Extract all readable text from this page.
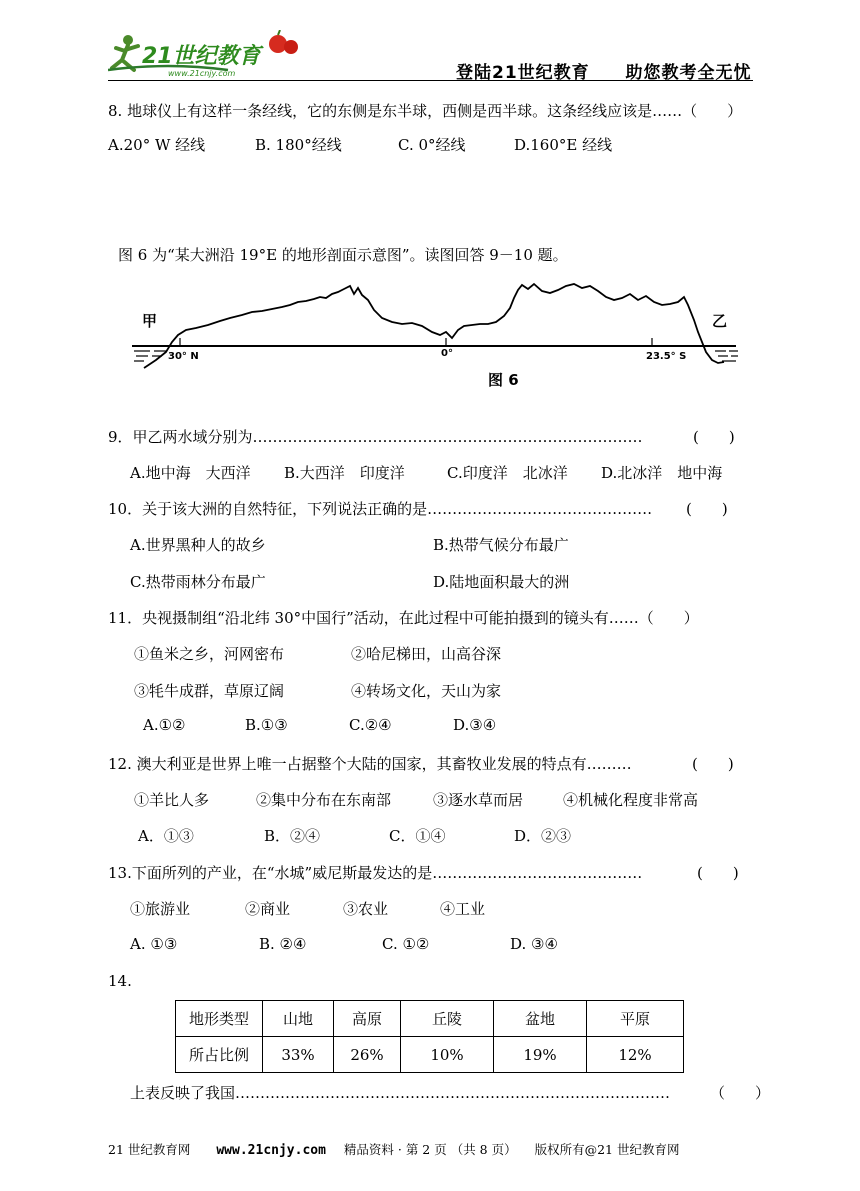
21世纪教育
www.21cnjy.com	登陆21世纪教育 助您教考全无忧
8. 地球仪上有这样一条经线，它的东侧是东半球，西侧是西半球。这条经线应该是……（　　）
A.20° W 经线	B. 180°经线	C. 0°经线	D.160°E 经线
图 6 为“某大洲沿 19°E 的地形剖面示意图”。读图回答 9－10 题。
甲	乙
30° N	0°	23.5° S
图 6
9．甲乙两水域分别为……………………………………………………………………	(　　)
A.地中海　大西洋 B.大西洋　印度洋	C.印度洋　北冰洋 D.北冰洋　地中海
10．关于该大洲的自然特征，下列说法正确的是……………………………………… (　　)
A.世界黑种人的故乡	B.热带气候分布最广
C.热带雨林分布最广	D.陆地面积最大的洲
11．央视摄制组“沿北纬 30°中国行”活动，在此过程中可能拍摄到的镜头有……（　　）
①鱼米之乡，河网密布	②哈尼梯田，山高谷深
③牦牛成群，草原辽阔	④转场文化，天山为家
A.①②	B.①③	C.②④	D.③④
12. 澳大利亚是世界上唯一占据整个大陆的国家，其畜牧业发展的特点有………	(　　)
①羊比人多	②集中分布在东南部	③逐水草而居	④机械化程度非常高
A．①③	B．②④	C．①④	D．②③
13.下面所列的产业，在“水城”威尼斯最发达的是……………………………………	(　　)
①旅游业	②商业	③农业	④工业
A. ①③	B. ②④	C. ①②	D. ③④
14.
地形类型	山地	高原	丘陵	盆地	平原
所占比例	33%	26%	10%	19%	12%
上表反映了我国……………………………………………………………………………	（　　）
21 世纪教育网 www.21cnjy.com 精品资料 · 第 2 页 （共 8 页） 版权所有@21 世纪教育网
